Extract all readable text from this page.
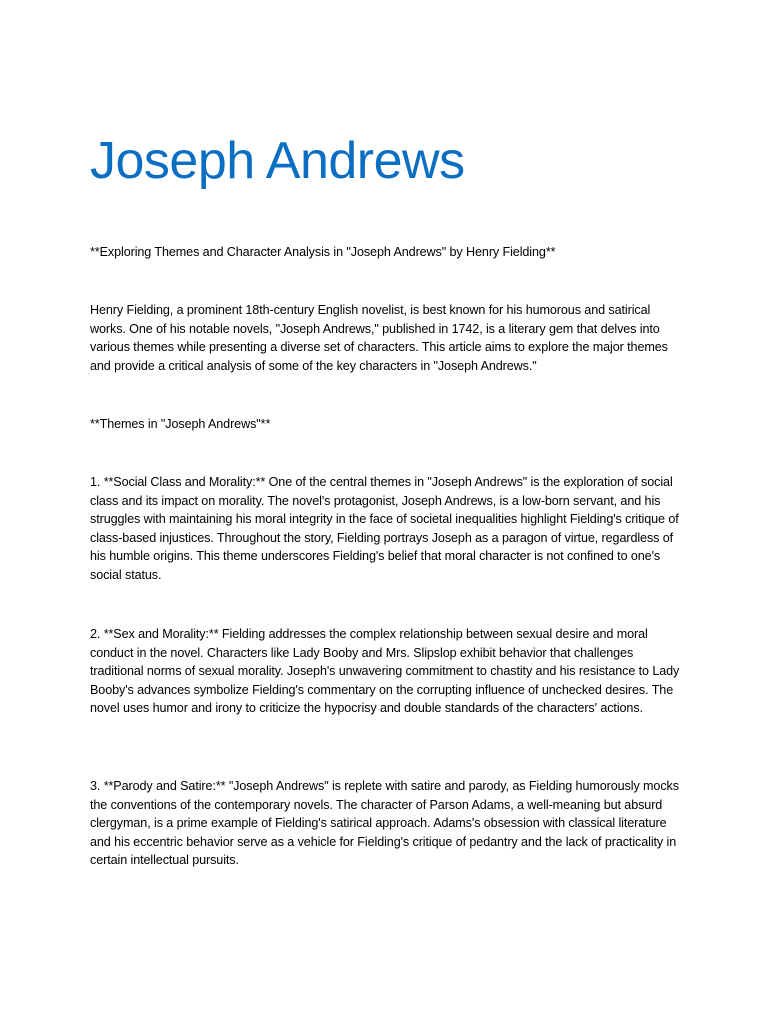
Joseph Andrews

**Exploring Themes and Character Analysis in "Joseph Andrews" by Henry Fielding**

Henry Fielding, a prominent 18th-century English novelist, is best known for his humorous and satirical works. One of his notable novels, "Joseph Andrews," published in 1742, is a literary gem that delves into various themes while presenting a diverse set of characters. This article aims to explore the major themes and provide a critical analysis of some of the key characters in "Joseph Andrews."

**Themes in "Joseph Andrews"**

1. **Social Class and Morality:** One of the central themes in "Joseph Andrews" is the exploration of social class and its impact on morality. The novel's protagonist, Joseph Andrews, is a low-born servant, and his struggles with maintaining his moral integrity in the face of societal inequalities highlight Fielding's critique of class-based injustices. Throughout the story, Fielding portrays Joseph as a paragon of virtue, regardless of his humble origins. This theme underscores Fielding's belief that moral character is not confined to one's social status.

2. **Sex and Morality:** Fielding addresses the complex relationship between sexual desire and moral conduct in the novel. Characters like Lady Booby and Mrs. Slipslop exhibit behavior that challenges traditional norms of sexual morality. Joseph's unwavering commitment to chastity and his resistance to Lady Booby's advances symbolize Fielding's commentary on the corrupting influence of unchecked desires. The novel uses humor and irony to criticize the hypocrisy and double standards of the characters' actions.

3. **Parody and Satire:** "Joseph Andrews" is replete with satire and parody, as Fielding humorously mocks the conventions of the contemporary novels. The character of Parson Adams, a well-meaning but absurd clergyman, is a prime example of Fielding's satirical approach. Adams's obsession with classical literature and his eccentric behavior serve as a vehicle for Fielding's critique of pedantry and the lack of practicality in certain intellectual pursuits.
